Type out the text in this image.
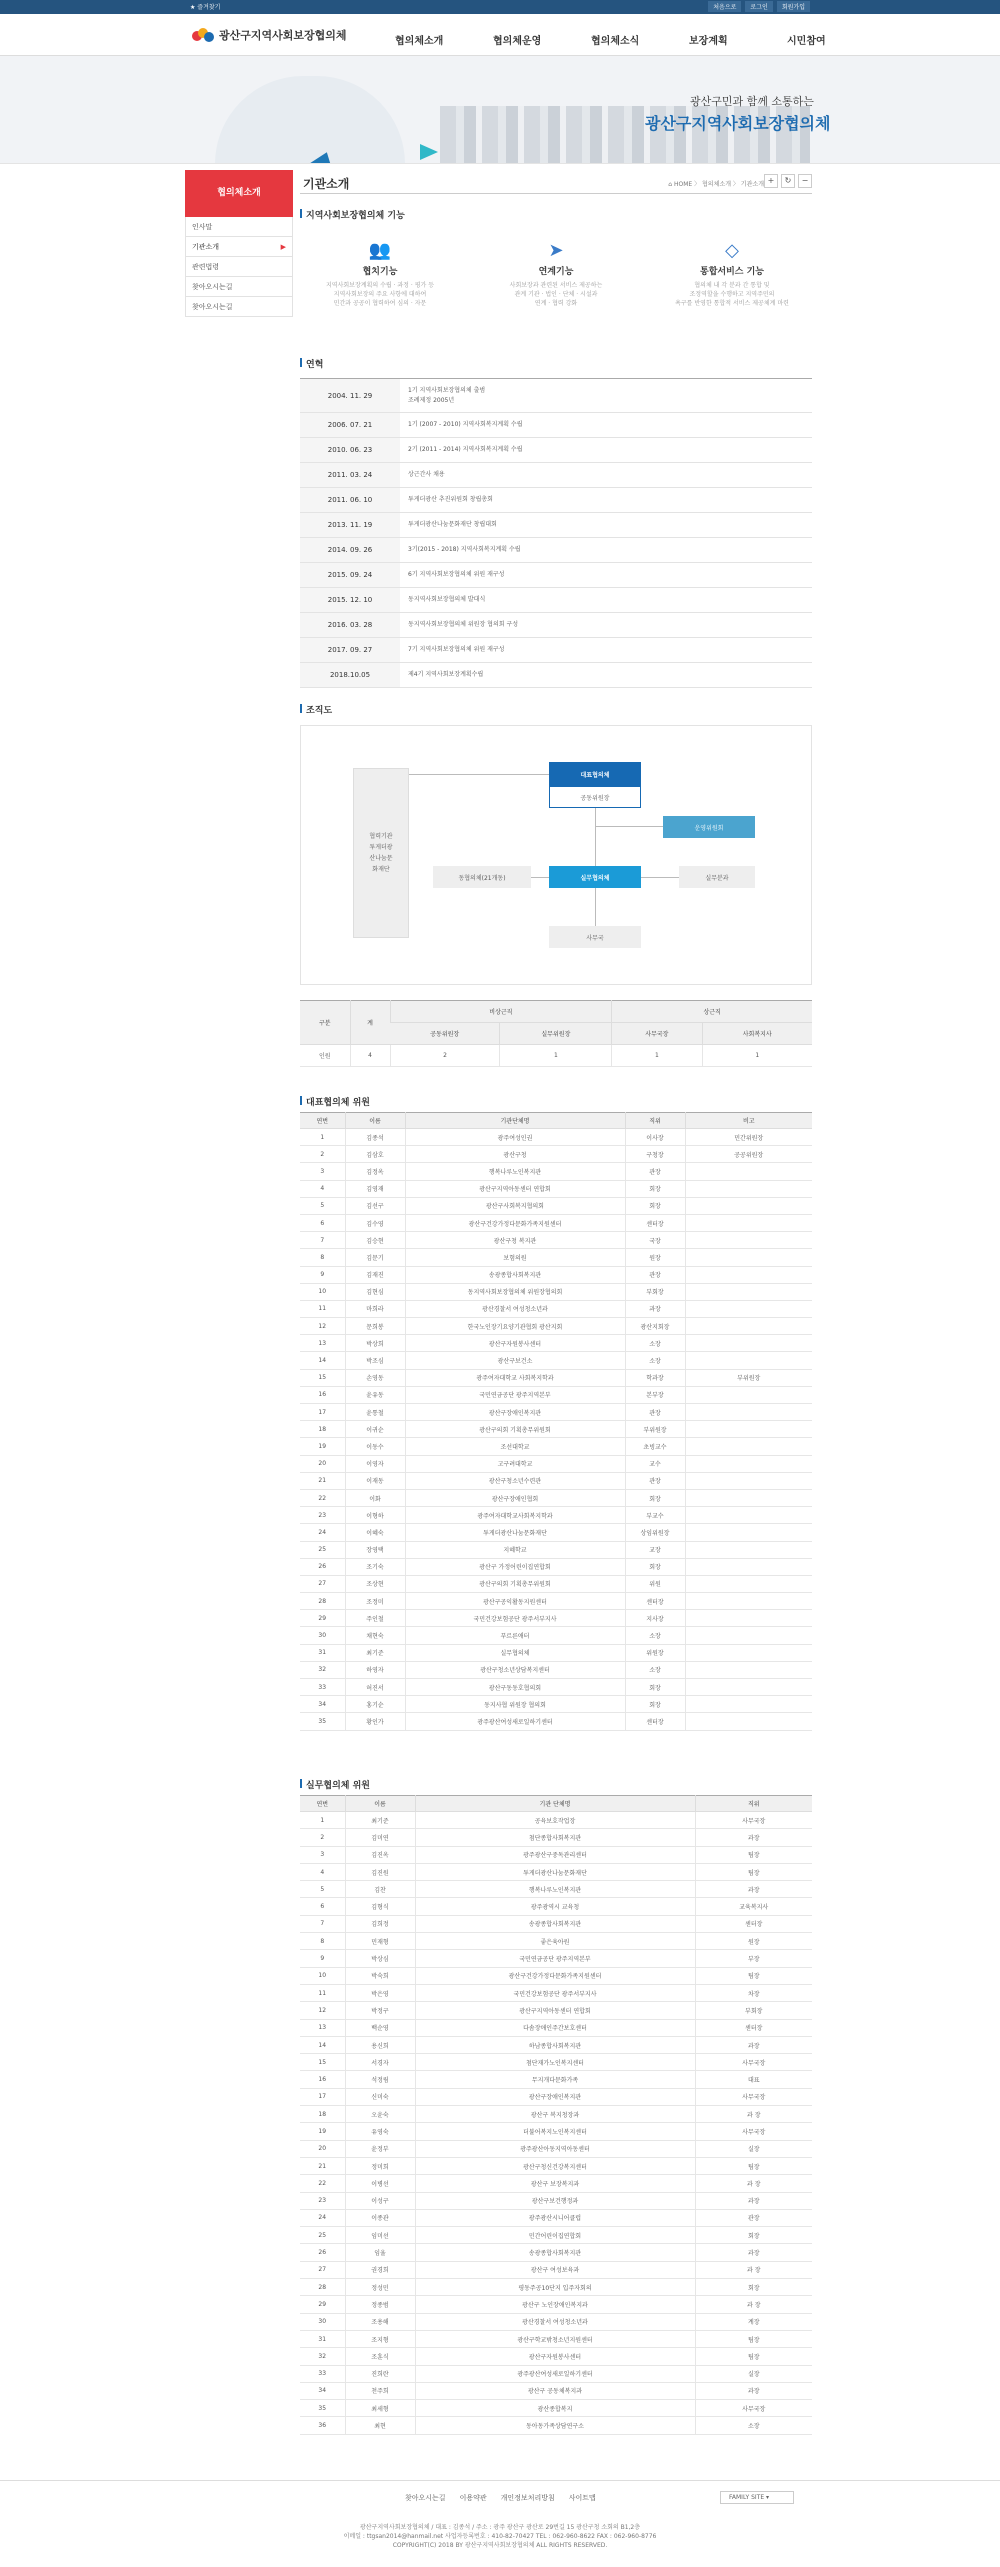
★ 즐겨찾기	처음으로	로그인	회원가입
광산구지역사회보장협의체	협의체소개	협의체운영	협의체소식	보장계획	시민참여
광산구민과 함께 소통하는
광산구지역사회보장협의체
협의체소개
인사말
기관소개	▶
관련법령
찾아오시는길
찾아오시는길
기관소개	⌂ HOME 〉 협의체소개 〉 기관소개 +	↻	−
지역사회보장협의체 기능
👥
협치기능

지역사회보장계획의 수립 · 과정 · 평가 등

지역사회보장의 주요 사항에 대하여

민간과 공공이 협력하여 심의 · 자문

➤
연계기능

사회보장과 관련된 서비스 제공하는

관계 기관 · 법인 · 단체 · 시설과

연계 · 협력 강화

◇
통합서비스 기능

협의체 내 각 분과 간 통합 및

조정역할을 수행하고 지역주민의

욕구를 반영한 통합적 서비스 제공체계 마련

연혁
2004. 11. 29
1기 지역사회보장협의체 출범
조례제정 2005년
2006. 07. 21	1기 (2007 - 2010) 지역사회복지계획 수립
2010. 06. 23	2기 (2011 - 2014) 지역사회복지계획 수립
2011. 03. 24	상근간사 채용
2011. 06. 10	투게더광산 추진위원회 창립총회
2013. 11. 19	투게더광산나눔문화재단 창립대회
2014. 09. 26	3기(2015 - 2018) 지역사회복지계획 수립
2015. 09. 24	6기 지역사회보장협의체 위원 재구성
2015. 12. 10	동지역사회보장협의체 발대식
2016. 03. 28	동지역사회보장협의체 위원장 협의회 구성
2017. 09. 27	7기 지역사회보장협의체 위원 재구성
2018.10.05	제4기 지역사회보장계획수립
조직도
협력기관 투게더광산나눔문화재단
대표협의체
공동위원장
운영위원회
동협의체(21개동)	실무협의체	실무분과
사무국
구분	계	비상근직		상근직	
		공동위원장	실무위원장	사무국장	사회복지사
인원	4	2	1	1	1
대표협의체 위원
연번	이름	기관단체명	직위	비고
1	김종석	광주여성인권	이사장	민간위원장
2	김삼호	광산구청	구청장	공공위원장
3	김정옥	행복나루노인복지관	관장	
4	김영재	광산구지역아동센터 연합회	회장	
5	김선구	광산구사회복지협의회	회장	
6	김수영	광산구건강가정다문화가족지원센터	센터장	
7	김승현	광산구청 복지관	국장	
8	김문기	보험의원	원장	
9	김재진	송광종합사회복지관	관장	
10	김현심	동지역사회보장협의체 위원장협의회	부회장	
11	마희라	광산경찰서 여성청소년과	과장	
12	문희봉	한국노인장기요양기관협회 광산지회	광산지회장	
13	박상희	광산구자원봉사센터	소장	
14	박조심	광산구보건소	소장	
15	손영동	광주여자대학교 사회복지학과	학과장	부위원장
16	윤유동	국민연금공단 광주지역본부	본부장	
17	윤통철	광산구장애인복지관	관장	
18	이귀순	광산구의회 기획총무위원회	부위원장	
19	이동수	조선대학교	초빙교수	
20	이영자	고구려대학교	교수	
21	이재동	광산구청소년수련관	관장	
22	이화	광산구장애인협회	회장	
23	이형하	광주여자대학교사회복지학과	부교수	
24	이혜숙	투게더광산나눔문화재단	상임위원장	
25	장영택	지혜학교	교장	
26	조기숙	광산구 가정어린이집연합회	회장	
27	조상현	광산구의회 기획총무위원회	위원	
28	조정미	광산구공익활동지원센터	센터장	
29	주인철	국민건강보험공단 광주서부지사	지사장	
30	채현숙	푸르른애터	소장	
31	최기준	실무협의체	위원장	
32	하영자	광산구청소년상담복지센터	소장	
33	허진서	광산구동동호협의회	회장	
34	홍기순	동지사협 위원장 협의회	회장	
35	황인가	광주광산여성새로일하기센터	센터장	
실무협의체 위원
연번	이름	기관 단체명	직위
1	최기준	공육보호작업장	사무국장
2	김미연	첨단종합사회복지관	과장
3	김진옥	광주광산구중독관리센터	팀장
4	김진원	투게더광산나눔문화재단	팀장
5	김찬	행복나루노인복지관	과장
6	김형식	광주광역시 교육청	교육복지사
7	김희정	송광종합사회복지관	센터장
8	민재형	좋은육아원	원장
9	박상심	국민연금공단 광주지역본부	부장
10	박숙희	광산구건강가정다문화가족지원센터	팀장
11	박은영	국민건강보험공단 광주서부지사	차장
12	박정구	광산구지역아동센터 연합회	부회장
13	백순영	다솜장애인주간보호센터	센터장
14	용신희	하남종합사회복지관	과장
15	서경자	첨단재가노인복지센터	사무국장
16	석정림	무지개다문화가족	대표
17	신미숙	광산구장애인복지관	사무국장
18	오윤숙	광산구 복지청장과	과 장
19	유영숙	더불어복지노인복지센터	사무국장
20	윤정부	광주광산아동지역아동센터	실장
21	정미희	광산구청신건강복지센터	팀장
22	이병선	광산구 보장복지과	과 장
23	이성구	광산구보건행정과	과장
24	이종관	광주광산시니어클럽	관장
25	임미선	민간어린이집연합회	회장
26	임율	송광종합사회복지관	과장
27	권경희	광산구 여성보육과	과 장
28	정성민	평동주공10단지 입주자회의	회장
29	정종범	광산구 노인장애인복지과	과 장
30	조용해	광산경찰서 여성청소년과	계장
31	조지형	광산구학교밖청소년지원센터	팀장
32	조훈식	광산구자원봉사센터	팀장
33	진희란	광주광산여성새로일하기센터	실장
34	천주희	광산구 공동체복지과	과장
35	최세형	광산종합복지	사무국장
36	최현	동아동가족상담연구소	소장
찾아오시는길 이용약관 개인정보처리방침 사이트맵	FAMILY SITE ▾
광산구지역사회보장협의체 / 대표 : 김종석 / 주소 : 광주 광산구 광산로 29번길 15 광산구청 소회의 B1,2층
이메일 : ttgsan2014@hanmail.net 사업자등록번호 : 410-82-70427 TEL : 062-960-8622 FAX : 062-960-8776
COPYRIGHT(C) 2018 BY 광산구지역사회보장협의체 ALL RIGHTS RESERVED.
